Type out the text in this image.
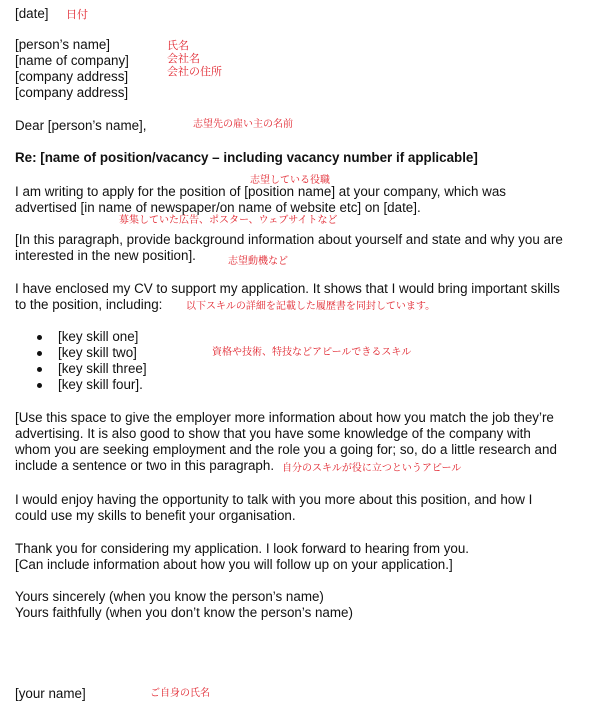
[date] 日付
[person’s name]
[name of company]
[company address]
[company address]
氏名
会社名
会社の住所
Dear [person’s name],	志望先の雇い主の名前
Re: [name of position/vacancy – including vacancy number if applicable]
志望している役職
I am writing to apply for the position of [position name] at your company, which was
advertised [in name of newspaper/on name of website etc] on [date].
募集していた広告、ポスター、ウェブサイトなど
[In this paragraph, provide background information about yourself and state and why you are
interested in the new position].	志望動機など
I have enclosed my CV to support my application. It shows that I would bring important skills
to the position, including: 以下スキルの詳細を記載した履歴書を同封しています。
[key skill one]
[key skill two]
[key skill three]
[key skill four].
資格や技術、特技などアピールできるスキル
[Use this space to give the employer more information about how you match the job they’re
advertising. It is also good to show that you have some knowledge of the company with
whom you are seeking employment and the role you a going for; so, do a little research and
include a sentence or two in this paragraph. 自分のスキルが役に立つというアピール
I would enjoy having the opportunity to talk with you more about this position, and how I
could use my skills to benefit your organisation.
Thank you for considering my application. I look forward to hearing from you.
[Can include information about how you will follow up on your application.]
Yours sincerely (when you know the person’s name)
Yours faithfully (when you don’t know the person’s name)
[your name]	ご自身の氏名
